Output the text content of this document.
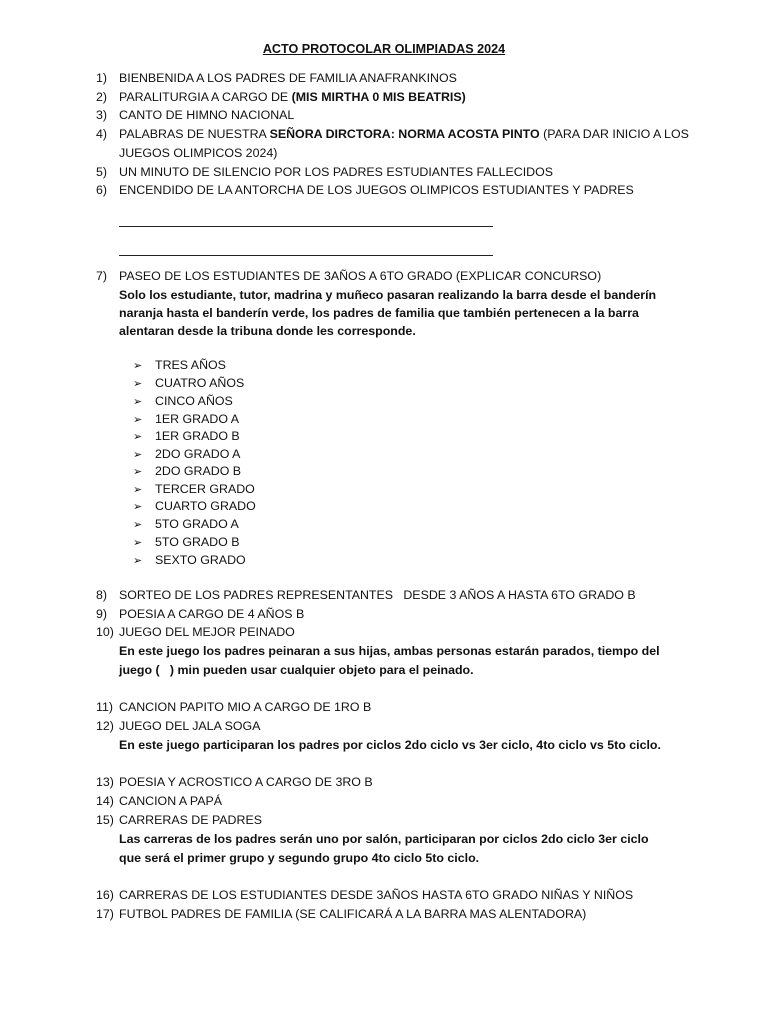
ACTO PROTOCOLAR OLIMPIADAS 2024
1) BIENBENIDA A LOS PADRES DE FAMILIA ANAFRANKINOS
2) PARALITURGIA A CARGO DE (MIS MIRTHA 0 MIS BEATRIS)
3) CANTO DE HIMNO NACIONAL
4) PALABRAS DE NUESTRA SEÑORA DIRCTORA: NORMA ACOSTA PINTO (PARA DAR INICIO A LOS
JUEGOS OLIMPICOS 2024)
5) UN MINUTO DE SILENCIO POR LOS PADRES ESTUDIANTES FALLECIDOS
6) ENCENDIDO DE LA ANTORCHA DE LOS JUEGOS OLIMPICOS ESTUDIANTES Y PADRES
7) PASEO DE LOS ESTUDIANTES DE 3AÑOS A 6TO GRADO (EXPLICAR CONCURSO)
Solo los estudiante, tutor, madrina y muñeco pasaran realizando la barra desde el banderín
naranja hasta el banderín verde, los padres de familia que también pertenecen a la barra
alentaran desde la tribuna donde les corresponde.
➢ TRES AÑOS
➢ CUATRO AÑOS
➢ CINCO AÑOS
➢ 1ER GRADO A
➢ 1ER GRADO B
➢ 2DO GRADO A
➢ 2DO GRADO B
➢ TERCER GRADO
➢ CUARTO GRADO
➢ 5TO GRADO A
➢ 5TO GRADO B
➢ SEXTO GRADO
8) SORTEO DE LOS PADRES REPRESENTANTES   DESDE 3 AÑOS A HASTA 6TO GRADO B
9) POESIA A CARGO DE 4 AÑOS B
10) JUEGO DEL MEJOR PEINADO
En este juego los padres peinaran a sus hijas, ambas personas estarán parados, tiempo del
juego (   ) min pueden usar cualquier objeto para el peinado.
11) CANCION PAPITO MIO A CARGO DE 1RO B
12) JUEGO DEL JALA SOGA
En este juego participaran los padres por ciclos 2do ciclo vs 3er ciclo, 4to ciclo vs 5to ciclo.
13) POESIA Y ACROSTICO A CARGO DE 3RO B
14) CANCION A PAPÁ
15) CARRERAS DE PADRES
Las carreras de los padres serán uno por salón, participaran por ciclos 2do ciclo 3er ciclo
que será el primer grupo y segundo grupo 4to ciclo 5to ciclo.
16) CARRERAS DE LOS ESTUDIANTES DESDE 3AÑOS HASTA 6TO GRADO NIÑAS Y NIÑOS
17) FUTBOL PADRES DE FAMILIA (SE CALIFICARÁ A LA BARRA MAS ALENTADORA)
